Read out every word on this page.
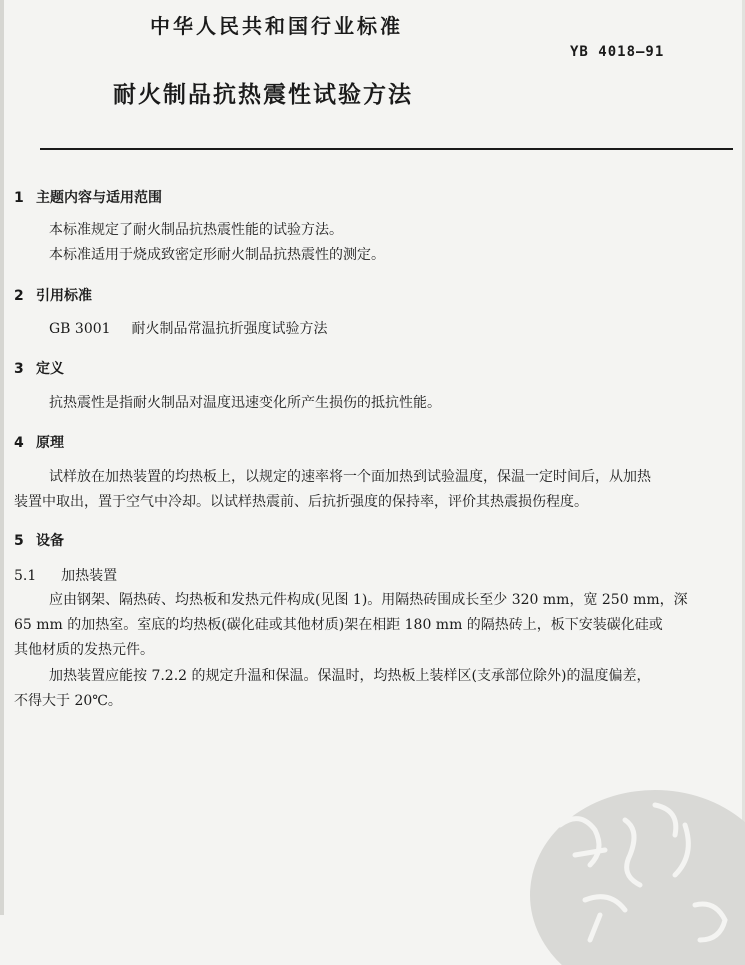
中华人民共和国行业标准
YB 4018—91
耐火制品抗热震性试验方法
1 主题内容与适用范围
本标准规定了耐火制品抗热震性能的试验方法。
本标准适用于烧成致密定形耐火制品抗热震性的测定。
2 引用标准
GB 3001 耐火制品常温抗折强度试验方法
3 定义
抗热震性是指耐火制品对温度迅速变化所产生损伤的抵抗性能。
4 原理
试样放在加热装置的均热板上，以规定的速率将一个面加热到试验温度，保温一定时间后，从加热
装置中取出，置于空气中冷却。以试样热震前、后抗折强度的保持率，评价其热震损伤程度。
5 设备
5.1 加热装置
应由钢架、隔热砖、均热板和发热元件构成(见图 1)。用隔热砖围成长至少 320 mm，宽 250 mm，深
65 mm 的加热室。室底的均热板(碳化硅或其他材质)架在相距 180 mm 的隔热砖上，板下安装碳化硅或
其他材质的发热元件。
加热装置应能按 7.2.2 的规定升温和保温。保温时，均热板上装样区(支承部位除外)的温度偏差，
不得大于 20℃。
